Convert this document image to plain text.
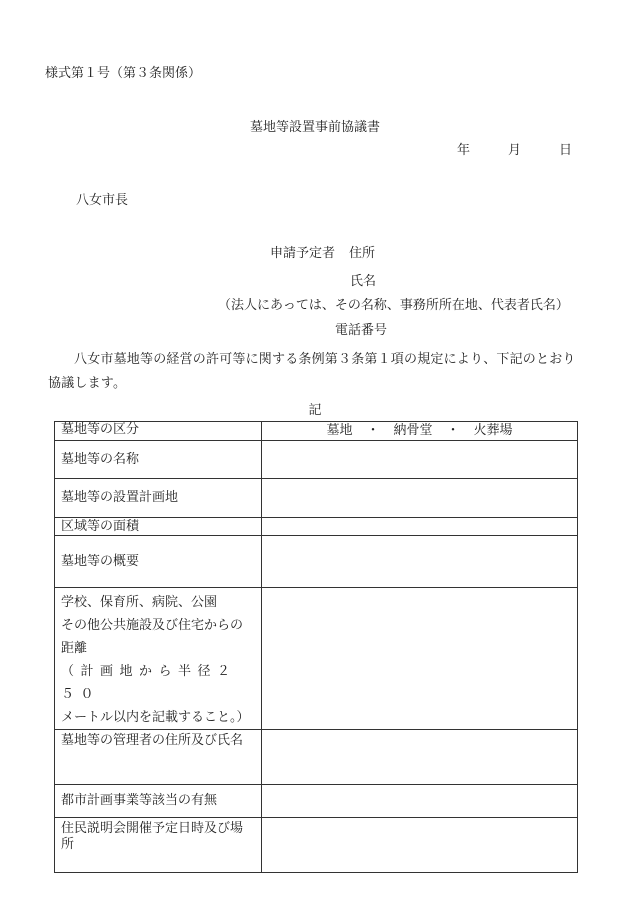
様式第１号（第３条関係）
墓地等設置事前協議書
年	月	日
八女市長
申請予定者 住所
氏名
（法人にあっては、その名称、事務所所在地、代表者氏名）
電話番号
八女市墓地等の経営の許可等に関する条例第３条第１項の規定により、下記のとおり協議します。
記
墓地等の区分	墓地 ・ 納骨堂 ・ 火葬場
墓地等の名称	
墓地等の設置計画地	
区域等の面積	
墓地等の概要	

学校、保育所、病院、公園
その他公共施設及び住宅からの
距離
（計画地から半径２５０
メートル以内を記載すること。）	

墓地等の管理者の住所及び氏名	
都市計画事業等該当の有無	
住民説明会開催予定日時及び場所	
